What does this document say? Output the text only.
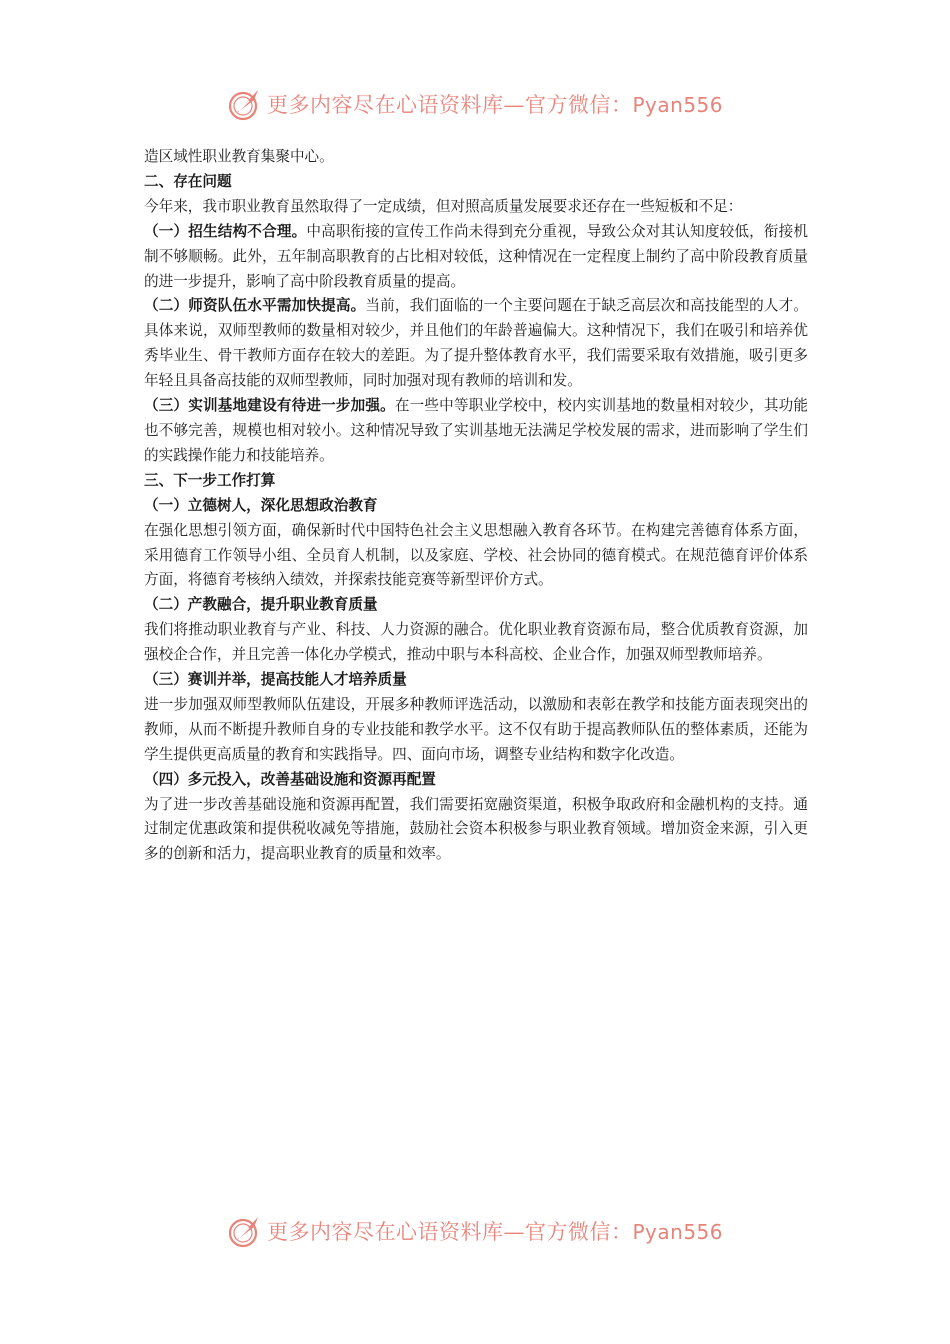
更多内容尽在心语资料库—官方微信：Pyan556

造区域性职业教育集聚中心。

二、存在问题

今年来，我市职业教育虽然取得了一定成绩，但对照高质量发展要求还存在一些短板和不足：

（一）招生结构不合理。中高职衔接的宣传工作尚未得到充分重视，导致公众对其认知度较低，衔接机制不够顺畅。此外，五年制高职教育的占比相对较低，这种情况在一定程度上制约了高中阶段教育质量的进一步提升，影响了高中阶段教育质量的提高。

（二）师资队伍水平需加快提高。当前，我们面临的一个主要问题在于缺乏高层次和高技能型的人才。具体来说，双师型教师的数量相对较少，并且他们的年龄普遍偏大。这种情况下，我们在吸引和培养优秀毕业生、骨干教师方面存在较大的差距。为了提升整体教育水平，我们需要采取有效措施，吸引更多年轻且具备高技能的双师型教师，同时加强对现有教师的培训和发。

（三）实训基地建设有待进一步加强。在一些中等职业学校中，校内实训基地的数量相对较少，其功能也不够完善，规模也相对较小。这种情况导致了实训基地无法满足学校发展的需求，进而影响了学生们的实践操作能力和技能培养。

三、下一步工作打算

（一）立德树人，深化思想政治教育

在强化思想引领方面，确保新时代中国特色社会主义思想融入教育各环节。在构建完善德育体系方面，采用德育工作领导小组、全员育人机制，以及家庭、学校、社会协同的德育模式。在规范德育评价体系方面，将德育考核纳入绩效，并探索技能竞赛等新型评价方式。

（二）产教融合，提升职业教育质量

我们将推动职业教育与产业、科技、人力资源的融合。优化职业教育资源布局，整合优质教育资源，加强校企合作，并且完善一体化办学模式，推动中职与本科高校、企业合作，加强双师型教师培养。

（三）赛训并举，提高技能人才培养质量

进一步加强双师型教师队伍建设，开展多种教师评选活动，以激励和表彰在教学和技能方面表现突出的教师，从而不断提升教师自身的专业技能和教学水平。这不仅有助于提高教师队伍的整体素质，还能为学生提供更高质量的教育和实践指导。四、面向市场，调整专业结构和数字化改造。

（四）多元投入，改善基础设施和资源再配置

为了进一步改善基础设施和资源再配置，我们需要拓宽融资渠道，积极争取政府和金融机构的支持。通过制定优惠政策和提供税收减免等措施，鼓励社会资本积极参与职业教育领域。增加资金来源，引入更多的创新和活力，提高职业教育的质量和效率。

更多内容尽在心语资料库—官方微信：Pyan556
